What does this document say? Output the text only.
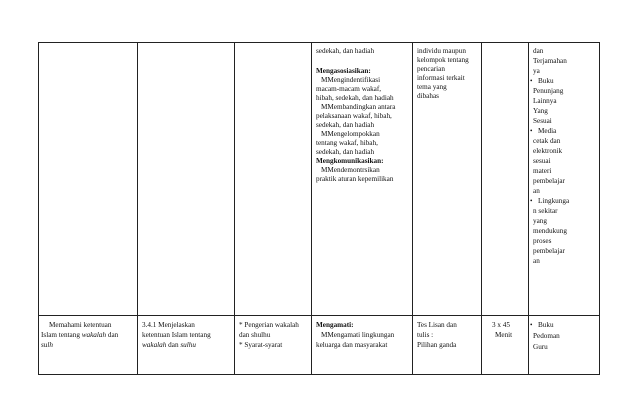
sedekah, dan hadiah
Mengasosiasikan:
MMengindentifikasi
macam-macam wakaf,
hibah, sedekah, dan hadiah
MMembandingkan antara
pelaksanaan wakaf, hibah,
sedekah, dan hadiah
MMengelompokkan
tentang wakaf, hibah,
sedekah, dan hadiah
Mengkomunikasikan:
MMendemontrsikan
praktik aturan kepemilikan
individu maupun
kelompok tentang
pencarian
informasi terkait
tema yang
dibahas
dan
Terjamahan
ya
• Buku
Penunjang
Lainnya
Yang
Sesuai
• Media
cetak dan
elektronik
sesuai
materi
pembelajar
an
• Lingkunga
n sekitar
yang
mendukung
proses
pembelajar
an
Memahami ketentuan
Islam tentang wakalah dan
sulh
3.4.1 Menjelaskan
ketentuan Islam tentang
wakalah dan sulhu
* Pengerian wakalah
dan shulhu
* Syarat-syarat
Mengamati:
MMengamati lingkungan
keluarga dan masyarakat
Tes Lisan dan
tulis :
Pilihan ganda
3 x 45
Menit
• Buku
Pedoman
Guru
